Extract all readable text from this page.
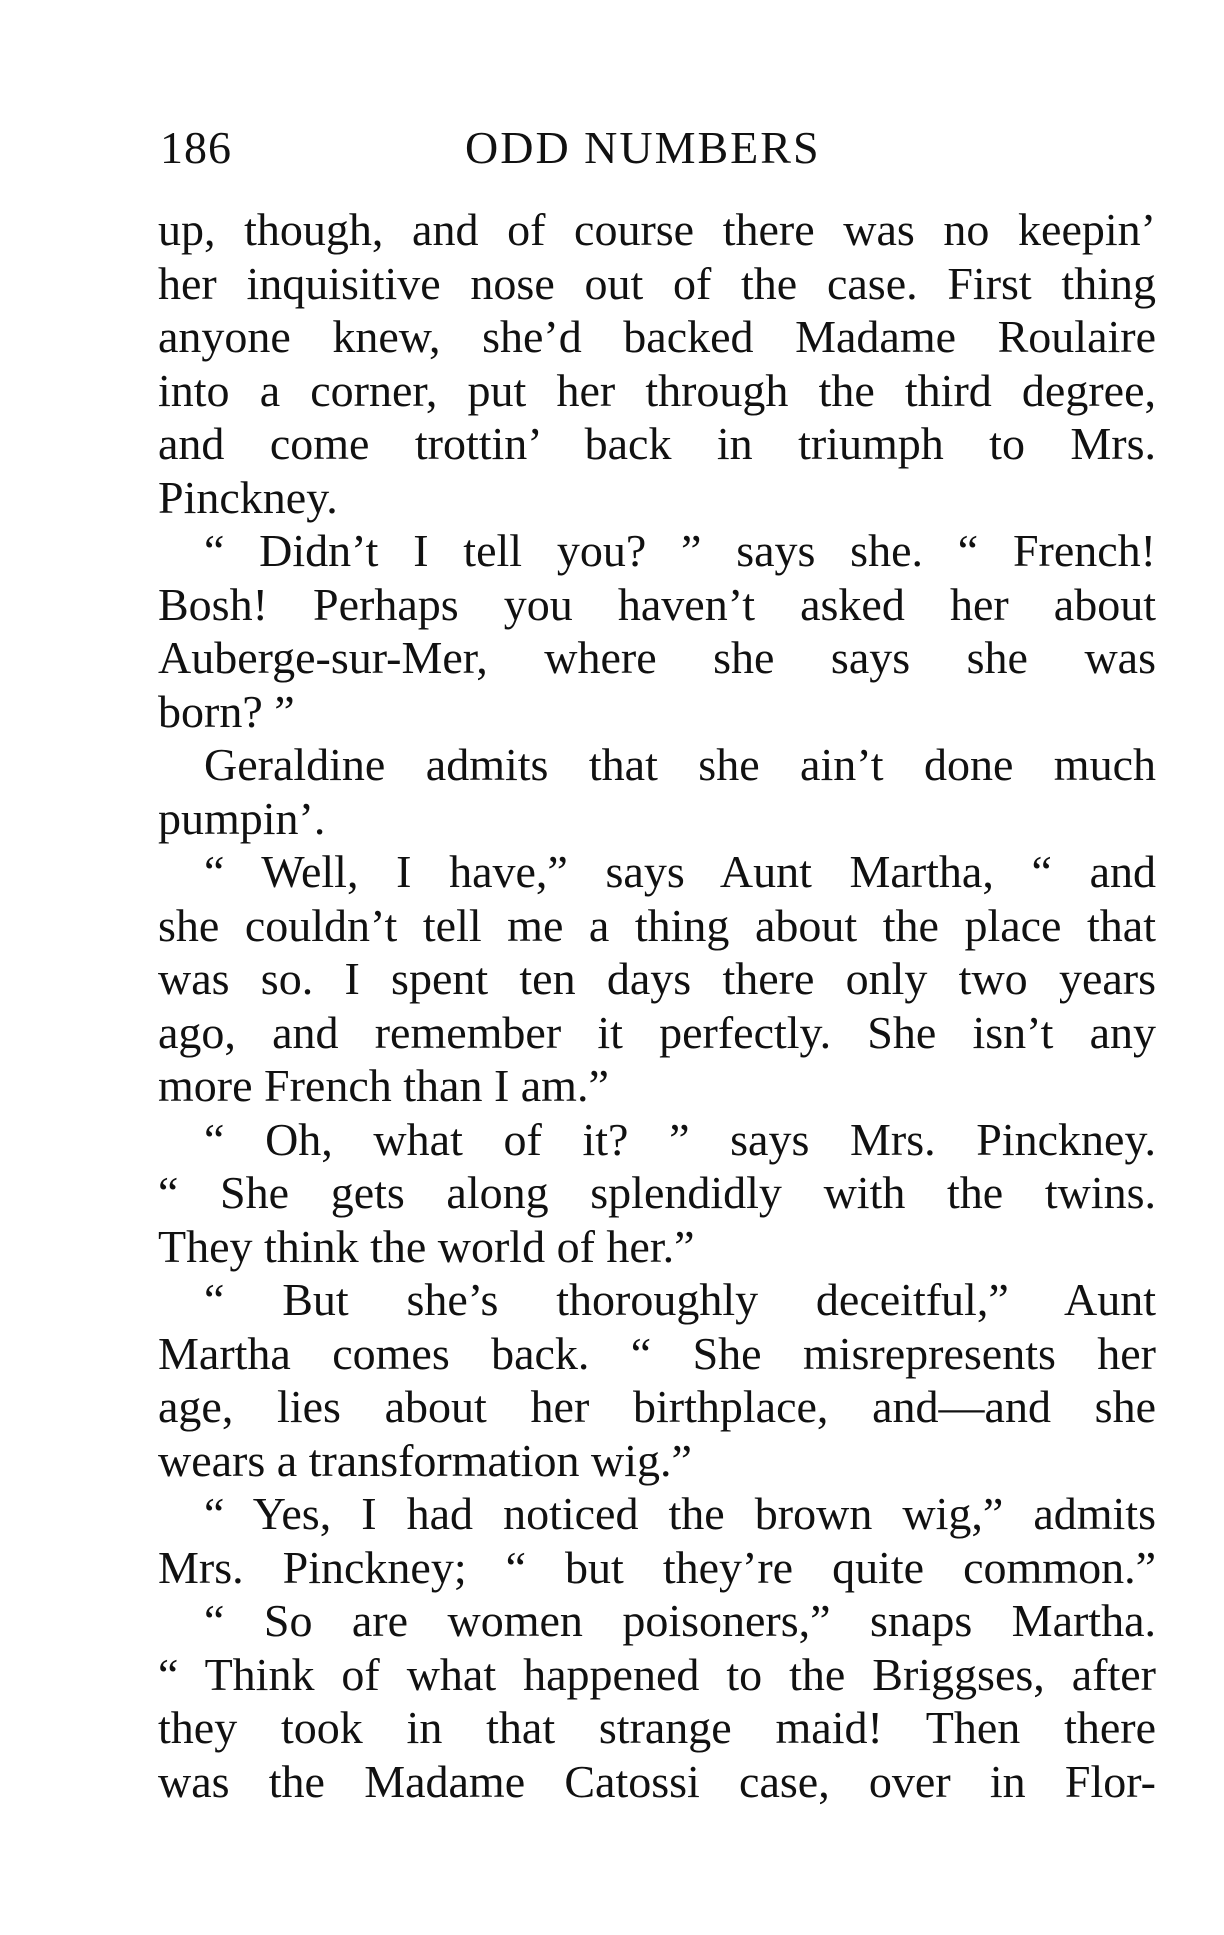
186	ODD NUMBERS
up, though, and of course there was no keepin’
her inquisitive nose out of the case. First thing
anyone knew, she’d backed Madame Roulaire
into a corner, put her through the third degree,
and come trottin’ back in triumph to Mrs.
Pinckney.
“ Didn’t I tell you? ” says she. “ French!
Bosh! Perhaps you haven’t asked her about
Auberge-sur-Mer, where she says she was
born? ”
Geraldine admits that she ain’t done much
pumpin’.
“ Well, I have,” says Aunt Martha, “ and
she couldn’t tell me a thing about the place that
was so. I spent ten days there only two years
ago, and remember it perfectly. She isn’t any
more French than I am.”
“ Oh, what of it? ” says Mrs. Pinckney.
“ She gets along splendidly with the twins.
They think the world of her.”
“ But she’s thoroughly deceitful,” Aunt
Martha comes back. “ She misrepresents her
age, lies about her birthplace, and—and she
wears a transformation wig.”
“ Yes, I had noticed the brown wig,” admits
Mrs. Pinckney; “ but they’re quite common.”
“ So are women poisoners,” snaps Martha.
“ Think of what happened to the Briggses, after
they took in that strange maid! Then there
was the Madame Catossi case, over in Flor-
